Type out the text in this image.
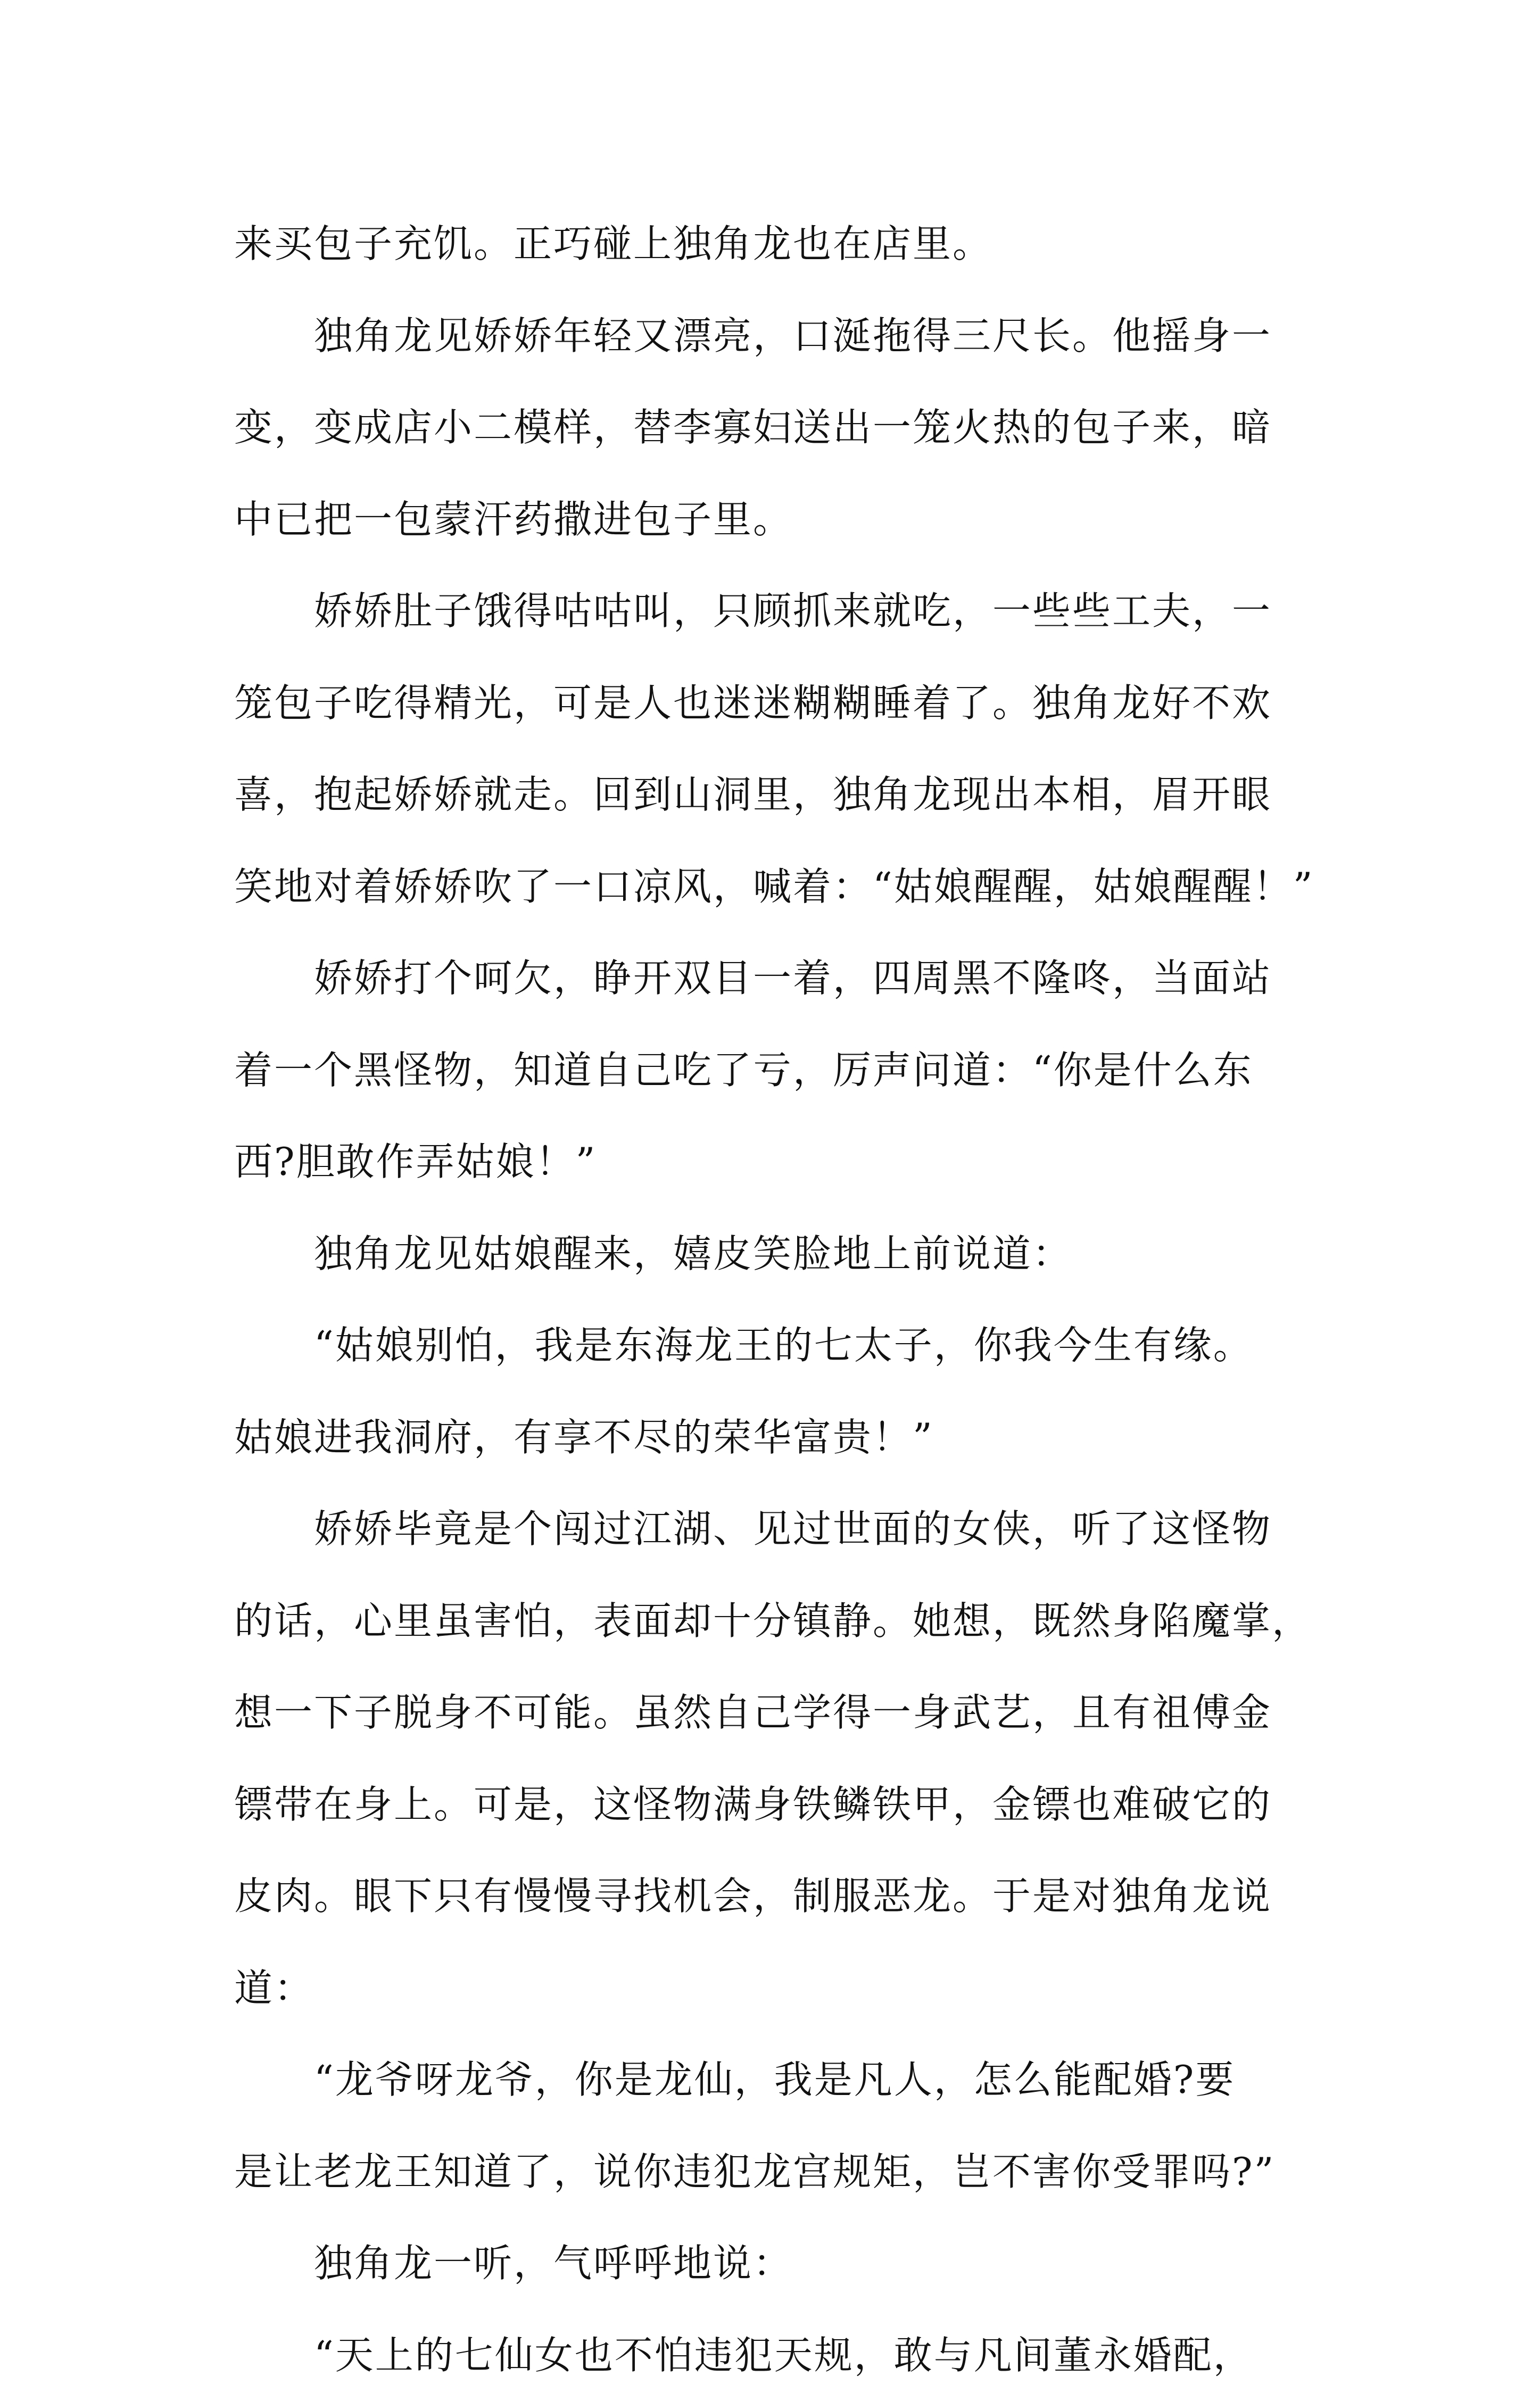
来买包子充饥。正巧碰上独角龙也在店里。
　　独角龙见娇娇年轻又漂亮，口涎拖得三尺长。他摇身一
变，变成店小二模样，替李寡妇送出一笼火热的包子来，暗
中已把一包蒙汗药撒进包子里。
　　娇娇肚子饿得咕咕叫，只顾抓来就吃，一些些工夫，一
笼包子吃得精光，可是人也迷迷糊糊睡着了。独角龙好不欢
喜，抱起娇娇就走。回到山洞里，独角龙现出本相，眉开眼
笑地对着娇娇吹了一口凉风，喊着：“姑娘醒醒，姑娘醒醒！”
　　娇娇打个呵欠，睁开双目一着，四周黑不隆咚，当面站
着一个黑怪物，知道自己吃了亏，厉声问道：“你是什么东
西?胆敢作弄姑娘！”
　　独角龙见姑娘醒来，嬉皮笑脸地上前说道：
　　“姑娘别怕，我是东海龙王的七太子，你我今生有缘。
姑娘进我洞府，有享不尽的荣华富贵！”
　　娇娇毕竟是个闯过江湖、见过世面的女侠，听了这怪物
的话，心里虽害怕，表面却十分镇静。她想，既然身陷魔掌，
想一下子脱身不可能。虽然自己学得一身武艺，且有祖傅金
镖带在身上。可是，这怪物满身铁鳞铁甲，金镖也难破它的
皮肉。眼下只有慢慢寻找机会，制服恶龙。于是对独角龙说
道：
　　“龙爷呀龙爷，你是龙仙，我是凡人，怎么能配婚?要
是让老龙王知道了，说你违犯龙宫规矩，岂不害你受罪吗?”
　　独角龙一听，气呼呼地说：
　　“天上的七仙女也不怕违犯天规，敢与凡间董永婚配，
